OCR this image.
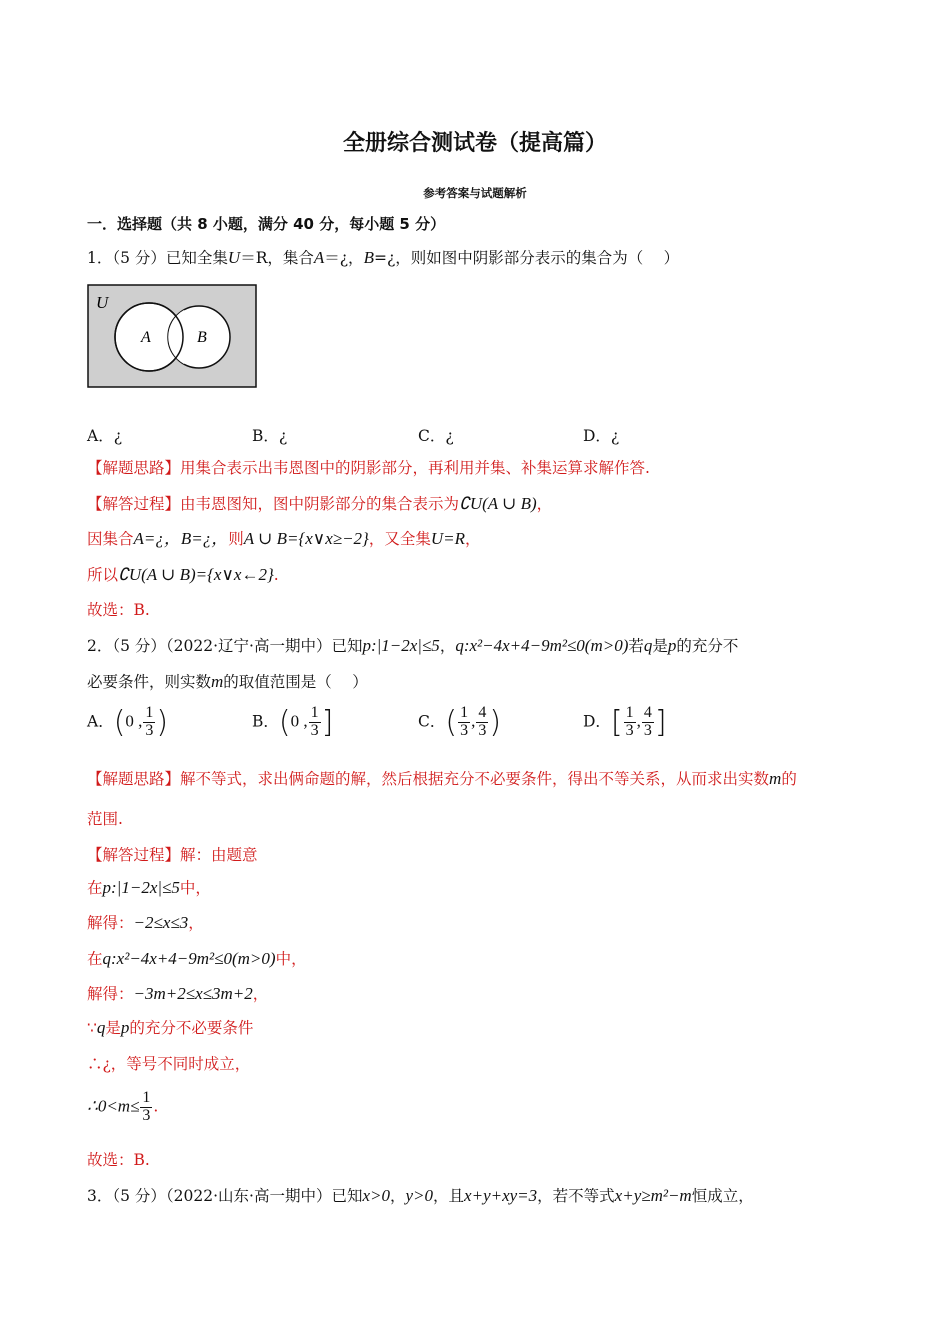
全册综合测试卷（提高篇）
参考答案与试题解析
一．选择题（共 8 小题，满分 40 分，每小题 5 分）
1．（5 分）已知全集U＝R，集合A＝¿，B=¿，则如图中阴影部分表示的集合为（　 ）
U
A	B
A．¿	B．¿	C．¿	D．¿
【解题思路】用集合表示出韦恩图中的阴影部分，再利用并集、补集运算求解作答.
【解答过程】由韦恩图知，图中阴影部分的集合表示为∁U(A ∪ B)，
因集合A=¿，B=¿，则A ∪ B={x∨x≥−2}，又全集U=R，
所以∁U(A ∪ B)={x∨x←2}.
故选：B.
2．（5 分）（2022·辽宁·高一期中）已知p:|1−2x|≤5，q:x²−4x+4−9m²≤0(m>0)若q是p的充分不
必要条件，则实数m的取值范围是（　 ）
A．(0 , $\frac{1}{3}$ )	B．(0 , $\frac{1}{3}$ ]	C．( $\frac{1}{3}$ , $\frac{4}{3}$ )	D．[ $\frac{1}{3}$ , $\frac{4}{3}$ ]
【解题思路】解不等式，求出俩命题的解，然后根据充分不必要条件，得出不等关系，从而求出实数m的
范围.
【解答过程】解：由题意
在p:|1−2x|≤5中，
解得：−2≤x≤3，
在q:x²−4x+4−9m²≤0(m>0)中，
解得：−3m+2≤x≤3m+2，
∵q是p的充分不必要条件
∴¿，等号不同时成立，
∴0<m≤ $\frac{1}{3}$ .
故选：B.
3．（5 分）（2022·山东·高一期中）已知x>0，y>0，且x+y+xy=3，若不等式x+y≥m²−m恒成立，
